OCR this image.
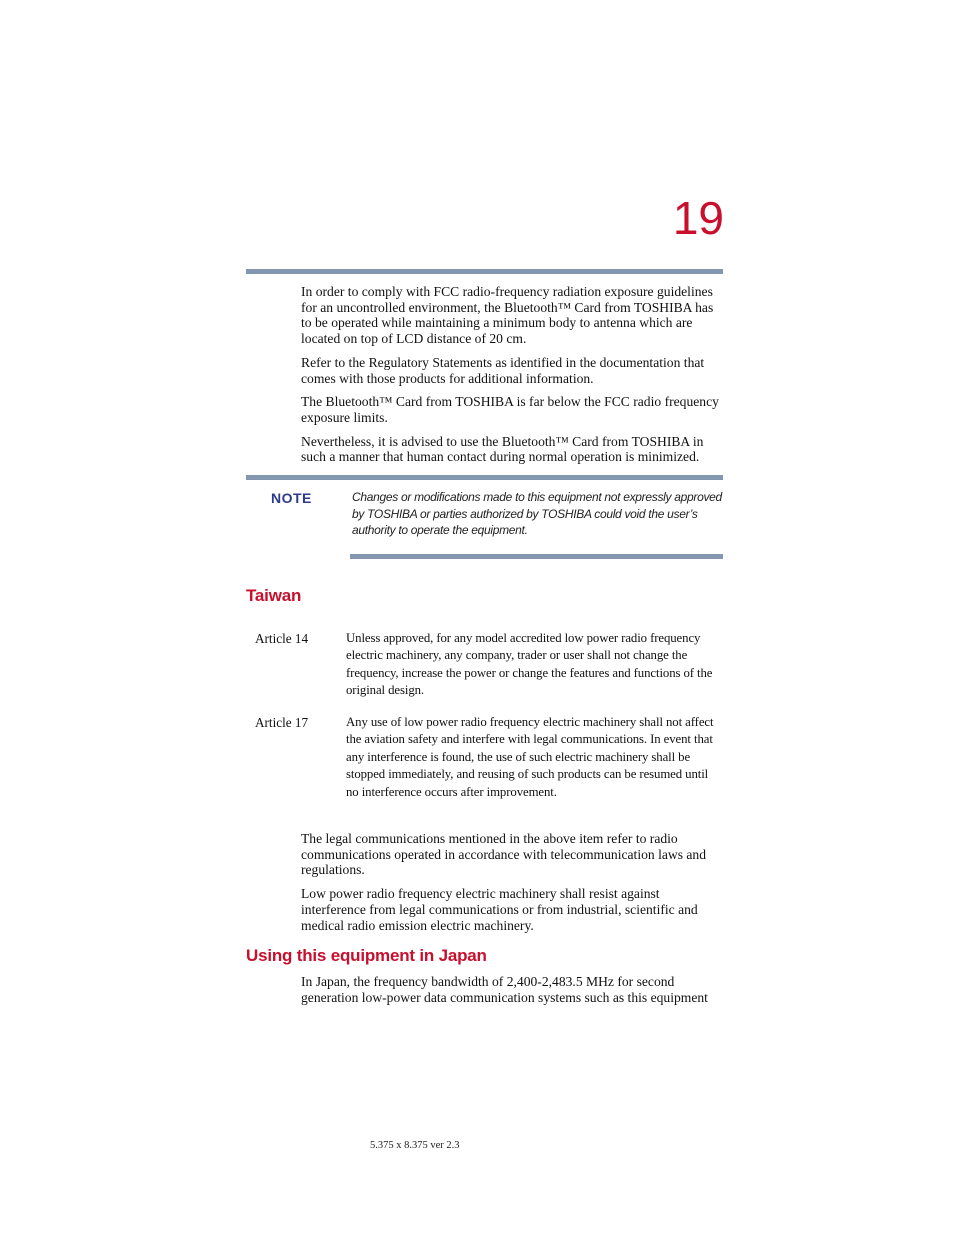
19

In order to comply with FCC radio-frequency radiation exposure guidelines for an uncontrolled environment, the Bluetooth™ Card from TOSHIBA has to be operated while maintaining a minimum body to antenna which are located on top of LCD distance of 20 cm.

Refer to the Regulatory Statements as identified in the documentation that comes with those products for additional information.

The Bluetooth™ Card from TOSHIBA is far below the FCC radio frequency exposure limits.

Nevertheless, it is advised to use the Bluetooth™ Card from TOSHIBA in such a manner that human contact during normal operation is minimized.

NOTE	Changes or modifications made to this equipment not expressly approved by TOSHIBA or parties authorized by TOSHIBA could void the user’s authority to operate the equipment.
Taiwan
Article 14	Unless approved, for any model accredited low power radio frequency electric machinery, any company, trader or user shall not change the frequency, increase the power or change the features and functions of the original design.
Article 17	Any use of low power radio frequency electric machinery shall not affect the aviation safety and interfere with legal communications. In event that any interference is found, the use of such electric machinery shall be stopped immediately, and reusing of such products can be resumed until no interference occurs after improvement.

The legal communications mentioned in the above item refer to radio communications operated in accordance with telecommunication laws and regulations.

Low power radio frequency electric machinery shall resist against interference from legal communications or from industrial, scientific and medical radio emission electric machinery.

Using this equipment in Japan

In Japan, the frequency bandwidth of 2,400-2,483.5 MHz for second generation low-power data communication systems such as this equipment

5.375 x 8.375 ver 2.3
